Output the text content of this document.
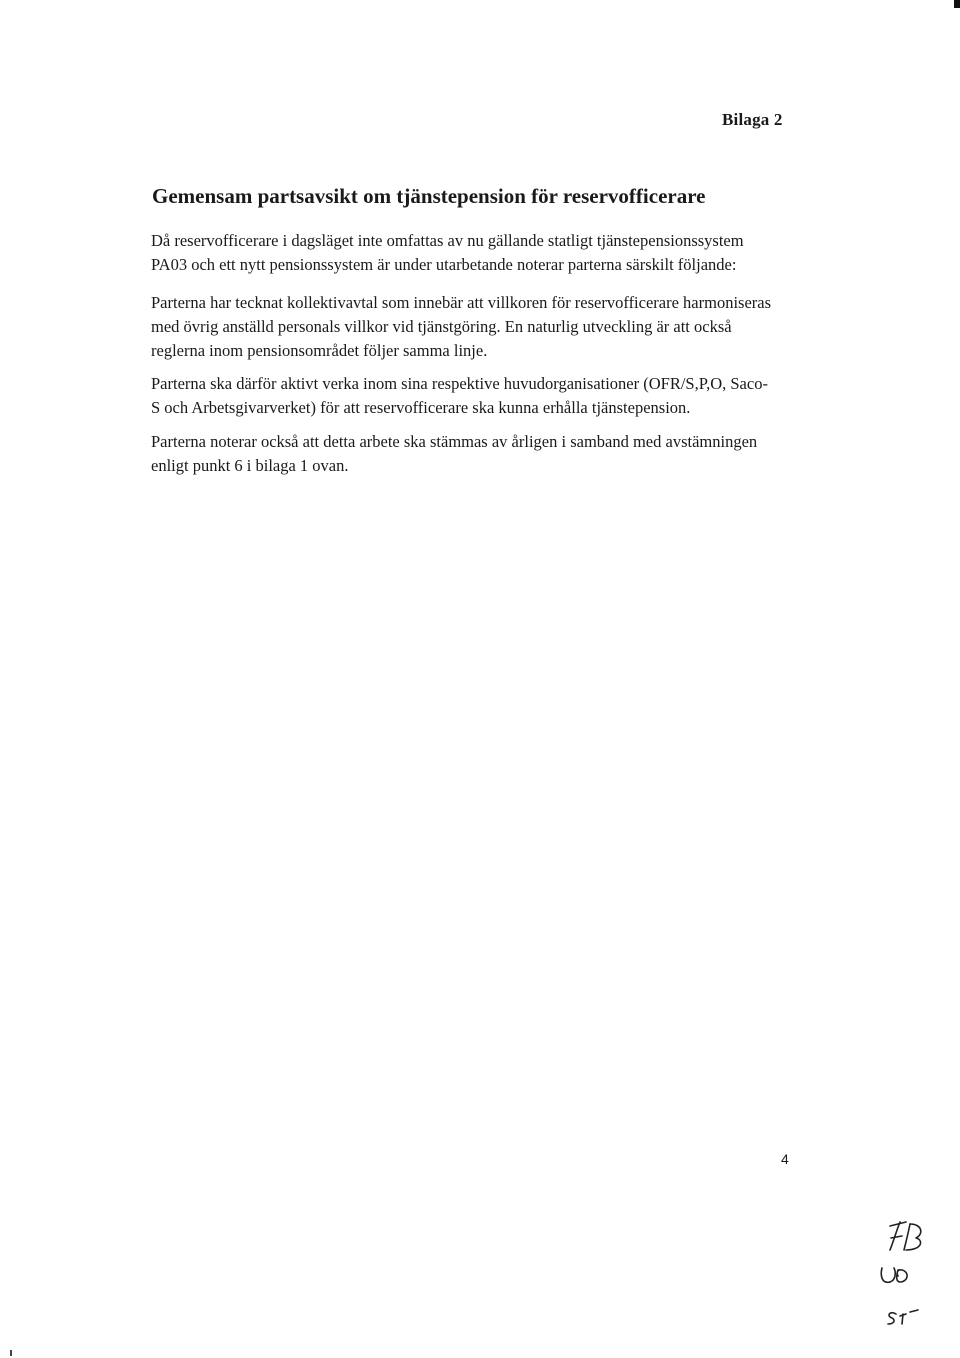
Bilaga 2
Gemensam partsavsikt om tjänstepension för reservofficerare

Då reservofficerare i dagsläget inte omfattas av nu gällande statligt tjänstepensionssystem
PA03 och ett nytt pensionssystem är under utarbetande noterar parterna särskilt följande:

Parterna har tecknat kollektivavtal som innebär att villkoren för reservofficerare harmoniseras
med övrig anställd personals villkor vid tjänstgöring. En naturlig utveckling är att också
reglerna inom pensionsområdet följer samma linje.

Parterna ska därför aktivt verka inom sina respektive huvudorganisationer (OFR/S,P,O, Saco-
S och Arbetsgivarverket) för att reservofficerare ska kunna erhålla tjänstepension.

Parterna noterar också att detta arbete ska stämmas av årligen i samband med avstämningen
enligt punkt 6 i bilaga 1 ovan.

4
